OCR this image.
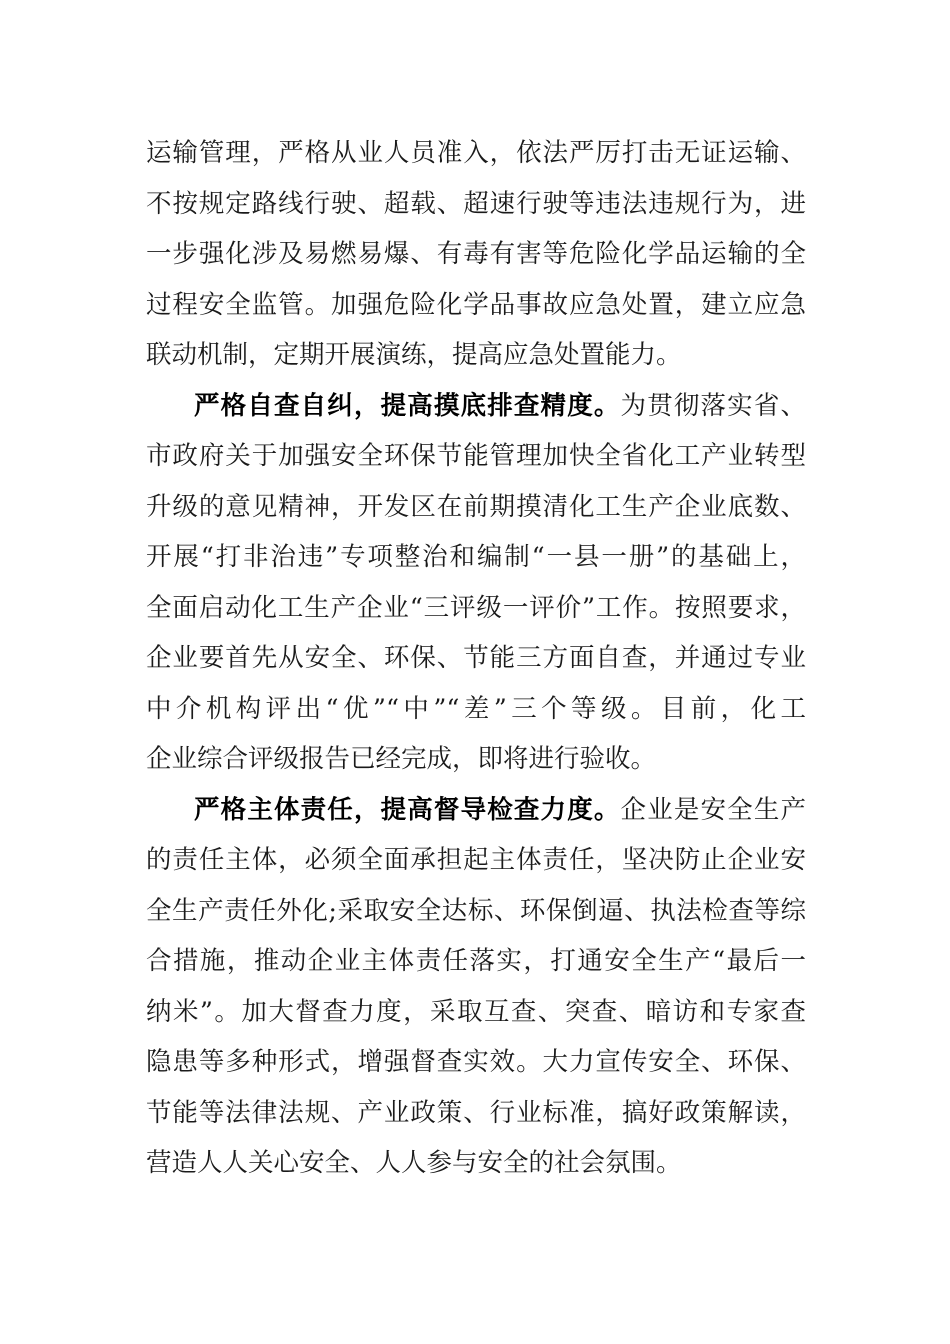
运输管理，严格从业人员准入，依法严厉打击无证运输、
不按规定路线行驶、超载、超速行驶等违法违规行为，进
一步强化涉及易燃易爆、有毒有害等危险化学品运输的全
过程安全监管。加强危险化学品事故应急处置，建立应急
联动机制，定期开展演练，提高应急处置能力。
严格自查自纠，提高摸底排查精度。为贯彻落实省、
市政府关于加强安全环保节能管理加快全省化工产业转型
升级的意见精神，开发区在前期摸清化工生产企业底数、
开展“打非治违”专项整治和编制“一县一册”的基础上，
全面启动化工生产企业“三评级一评价”工作。按照要求，
企业要首先从安全、环保、节能三方面自查，并通过专业
中介机构评出“优”“中”“差”三个等级。目前，化工
企业综合评级报告已经完成，即将进行验收。
严格主体责任，提高督导检查力度。企业是安全生产
的责任主体，必须全面承担起主体责任，坚决防止企业安
全生产责任外化;采取安全达标、环保倒逼、执法检查等综
合措施，推动企业主体责任落实，打通安全生产“最后一
纳米”。加大督查力度，采取互查、突查、暗访和专家查
隐患等多种形式，增强督查实效。大力宣传安全、环保、
节能等法律法规、产业政策、行业标准，搞好政策解读，
营造人人关心安全、人人参与安全的社会氛围。
